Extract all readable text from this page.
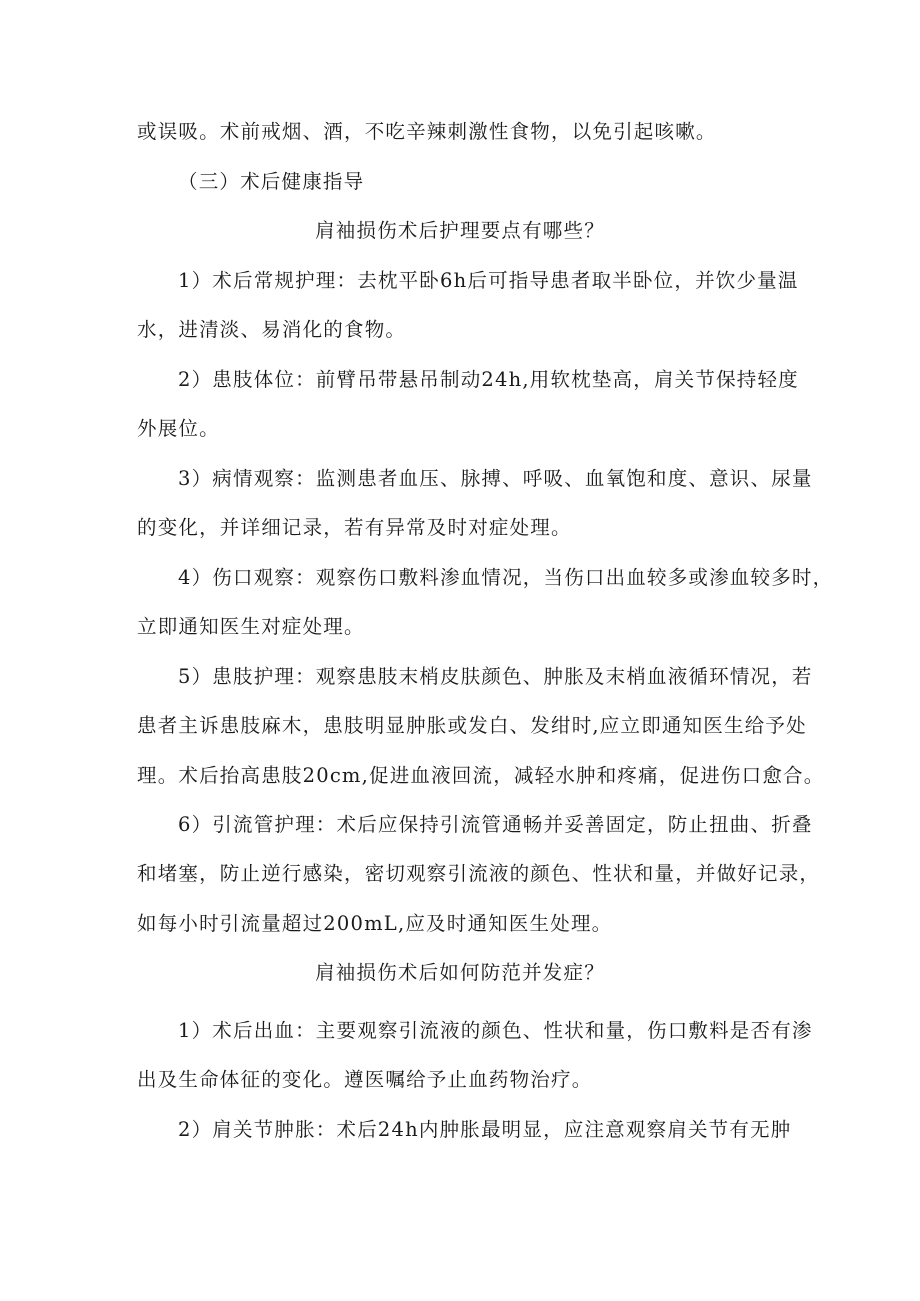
或误吸。术前戒烟、酒，不吃辛辣刺激性食物，以免引起咳嗽。
（三）术后健康指导
肩袖损伤术后护理要点有哪些？
1）术后常规护理：去枕平卧6h后可指导患者取半卧位，并饮少量温
水，进清淡、易消化的食物。
2）患肢体位：前臂吊带悬吊制动24h,用软枕垫高，肩关节保持轻度
外展位。
3）病情观察：监测患者血压、脉搏、呼吸、血氧饱和度、意识、尿量
的变化，并详细记录，若有异常及时对症处理。
4）伤口观察：观察伤口敷料渗血情况，当伤口出血较多或渗血较多时，
立即通知医生对症处理。
5）患肢护理：观察患肢末梢皮肤颜色、肿胀及末梢血液循环情况，若
患者主诉患肢麻木，患肢明显肿胀或发白、发绀时,应立即通知医生给予处
理。术后抬高患肢20cm,促进血液回流，减轻水肿和疼痛，促进伤口愈合。
6）引流管护理：术后应保持引流管通畅并妥善固定，防止扭曲、折叠
和堵塞，防止逆行感染，密切观察引流液的颜色、性状和量，并做好记录，
如每小时引流量超过200mL,应及时通知医生处理。
肩袖损伤术后如何防范并发症？
1）术后出血：主要观察引流液的颜色、性状和量，伤口敷料是否有渗
出及生命体征的变化。遵医嘱给予止血药物治疗。
2）肩关节肿胀：术后24h内肿胀最明显，应注意观察肩关节有无肿
